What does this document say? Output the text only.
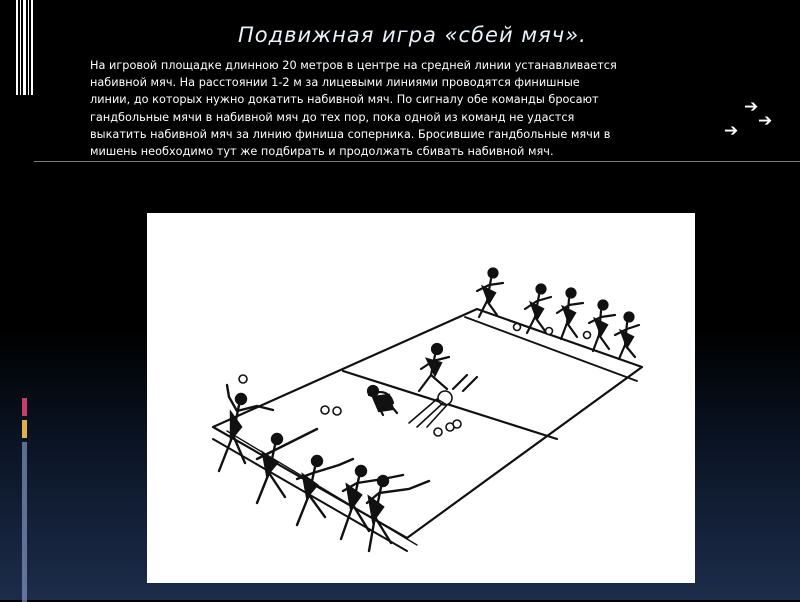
Подвижная игра «сбей мяч».

На игровой площадке длинною 20 метров в центре на средней линии устанавливается набивной мяч. На расстоянии 1-2 м за лицевыми линиями проводятся финишные линии, до которых нужно докатить набивной мяч. По сигналу обе команды бросают гандбольные мячи в набивной мяч до тех пор, пока одной из команд не удастся выкатить набивной мяч за линию финиша соперника. Бросившие гандбольные мячи в мишень необходимо тут же подбирать и продолжать сбивать набивной мяч.

➔
➔
➔
